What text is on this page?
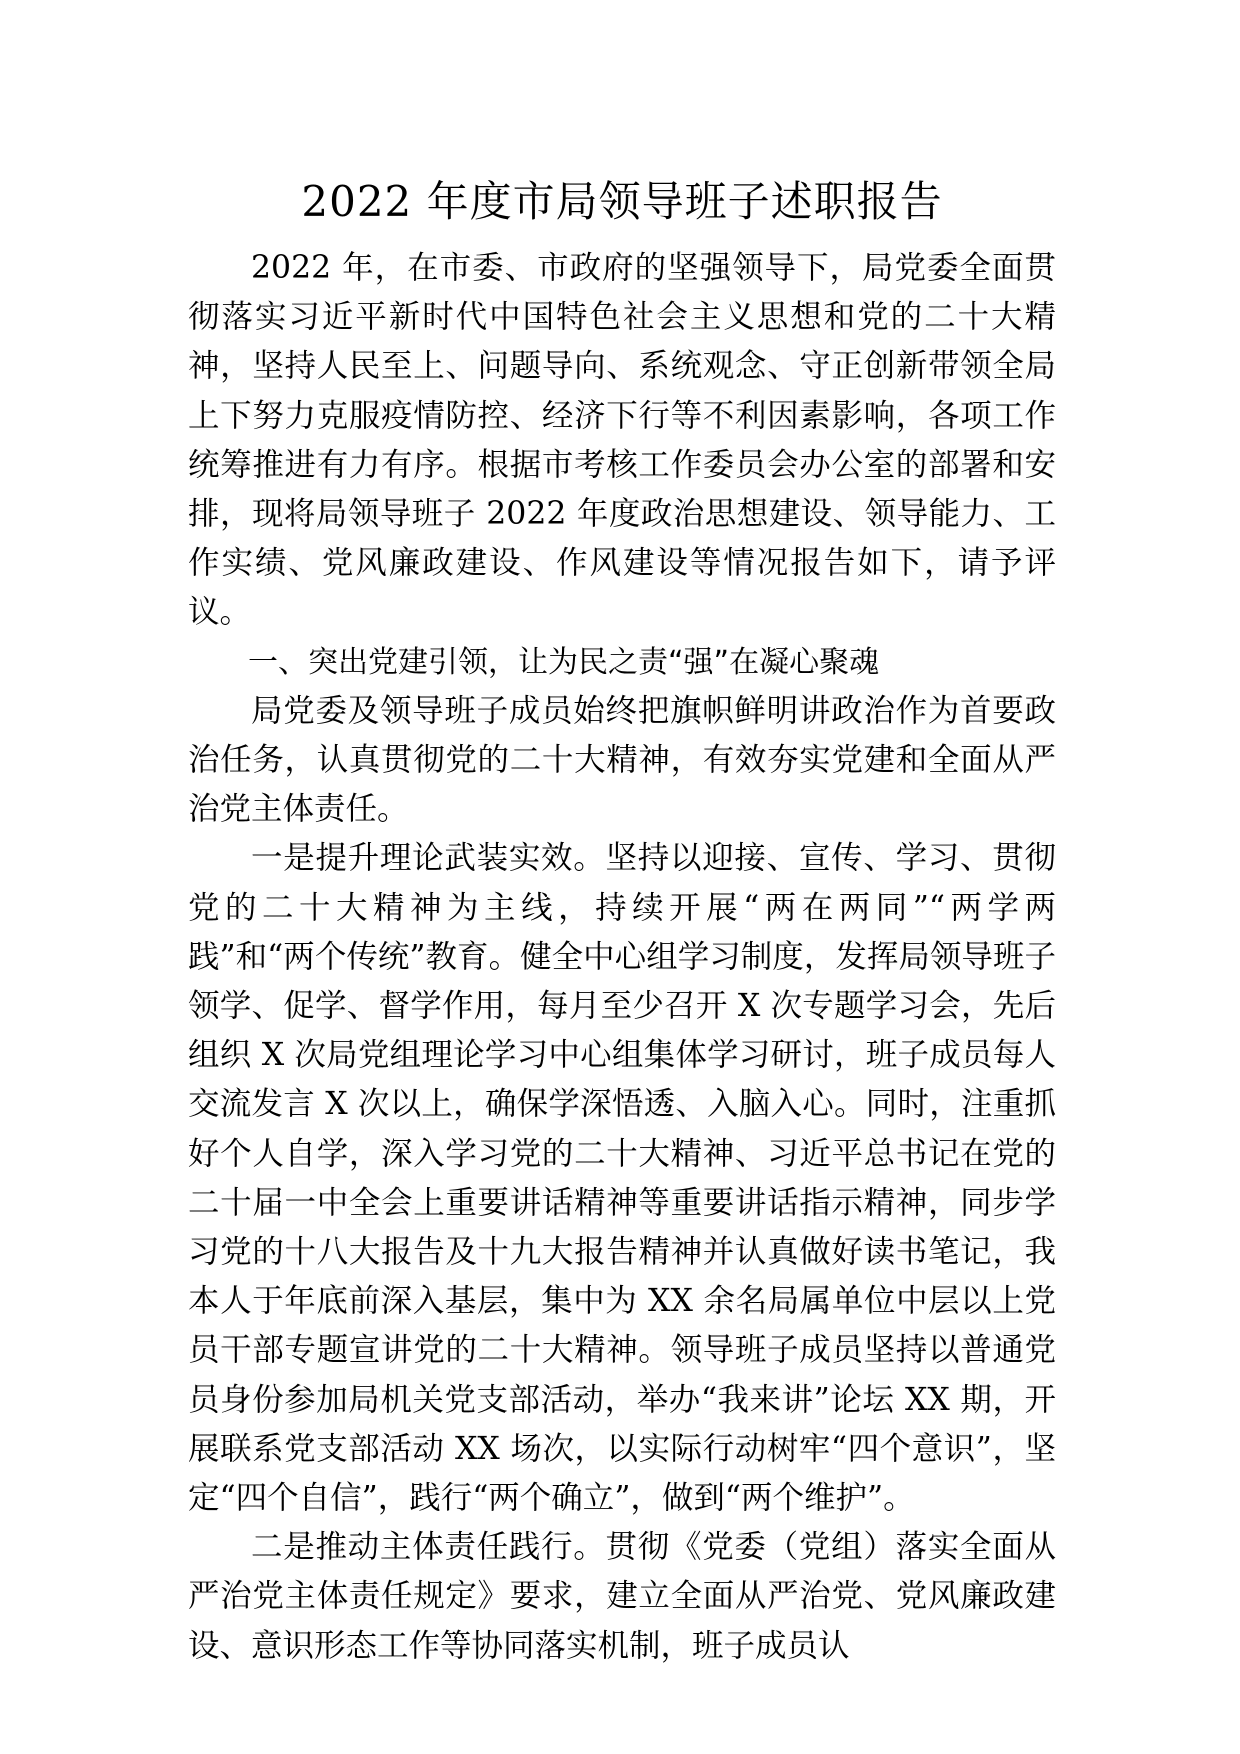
2022 年度市局领导班子述职报告

2022 年，在市委、市政府的坚强领导下，局党委全面贯彻落实习近平新时代中国特色社会主义思想和党的二十大精神，坚持人民至上、问题导向、系统观念、守正创新带领全局上下努力克服疫情防控、经济下行等不利因素影响，各项工作统筹推进有力有序。根据市考核工作委员会办公室的部署和安排，现将局领导班子 2022 年度政治思想建设、领导能力、工作实绩、党风廉政建设、作风建设等情况报告如下，请予评议。

一、突出党建引领，让为民之责“强”在凝心聚魂

局党委及领导班子成员始终把旗帜鲜明讲政治作为首要政治任务，认真贯彻党的二十大精神，有效夯实党建和全面从严治党主体责任。

一是提升理论武装实效。坚持以迎接、宣传、学习、贯彻党的二十大精神为主线，持续开展“两在两同”“两学两践”和“两个传统”教育。健全中心组学习制度，发挥局领导班子领学、促学、督学作用，每月至少召开 X 次专题学习会，先后组织 X 次局党组理论学习中心组集体学习研讨，班子成员每人交流发言 X 次以上，确保学深悟透、入脑入心。同时，注重抓好个人自学，深入学习党的二十大精神、习近平总书记在党的二十届一中全会上重要讲话精神等重要讲话指示精神，同步学习党的十八大报告及十九大报告精神并认真做好读书笔记，我本人于年底前深入基层，集中为 XX 余名局属单位中层以上党员干部专题宣讲党的二十大精神。领导班子成员坚持以普通党员身份参加局机关党支部活动，举办“我来讲”论坛 XX 期，开展联系党支部活动 XX 场次，以实际行动树牢“四个意识”，坚定“四个自信”，践行“两个确立”，做到“两个维护”。

二是推动主体责任践行。贯彻《党委（党组）落实全面从严治党主体责任规定》要求，建立全面从严治党、党风廉政建设、意识形态工作等协同落实机制，班子成员认
